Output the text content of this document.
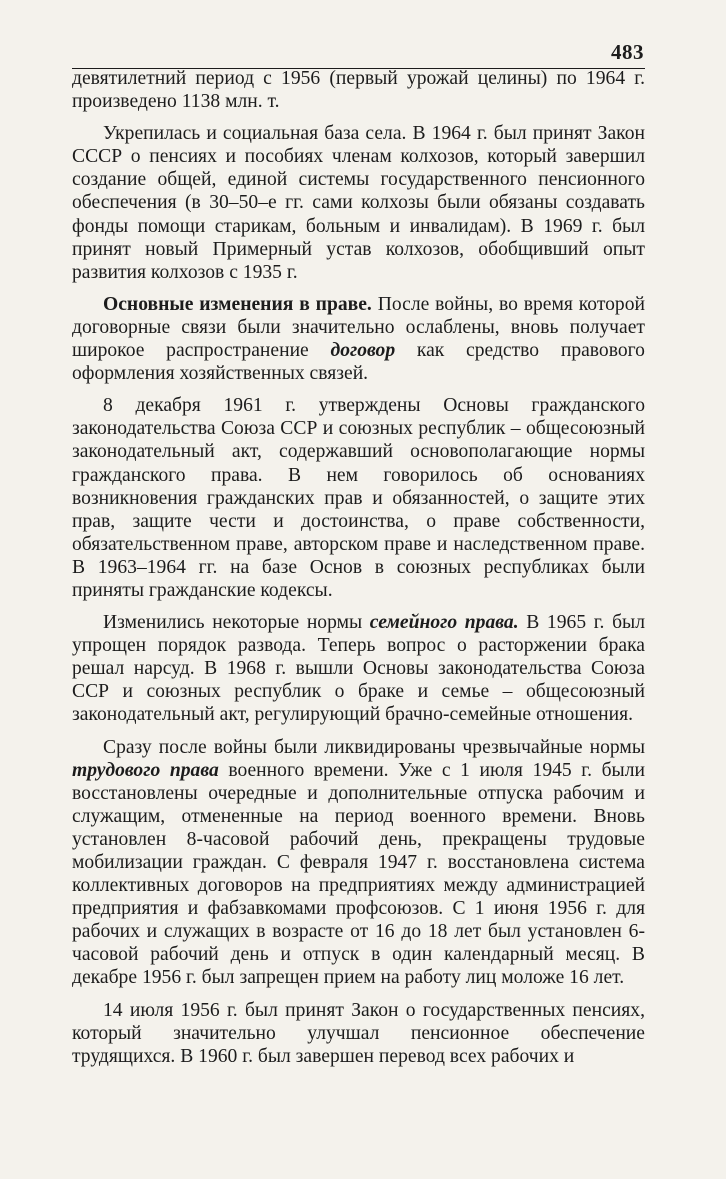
483

девятилетний период с 1956 (первый урожай целины) по 1964 г. произведено 1138 млн. т.

Укрепилась и социальная база села. В 1964 г. был принят Закон СССР о пенсиях и пособиях членам колхозов, который завершил создание общей, единой системы государственного пенсионного обеспечения (в 30–50–е гг. сами колхозы были обязаны создавать фонды помощи старикам, больным и инвалидам). В 1969 г. был принят новый Примерный устав колхозов, обобщивший опыт развития колхозов с 1935 г.

Основные изменения в праве. После войны, во время которой договорные связи были значительно ослаблены, вновь получает широкое распространение договор как средство правового оформления хозяйственных связей.

8 декабря 1961 г. утверждены Основы гражданского законодательства Союза ССР и союзных республик – общесоюзный законодательный акт, содержавший основополагающие нормы гражданского права. В нем говорилось об основаниях возникновения гражданских прав и обязанностей, о защите этих прав, защите чести и достоинства, о праве собственности, обязательственном праве, авторском праве и наследственном праве. В 1963–1964 гг. на базе Основ в союзных республиках были приняты гражданские кодексы.

Изменились некоторые нормы семейного права. В 1965 г. был упрощен порядок развода. Теперь вопрос о расторжении брака решал нарсуд. В 1968 г. вышли Основы законодательства Союза ССР и союзных республик о браке и семье – общесоюзный законодательный акт, регулирующий брачно-семейные отношения.

Сразу после войны были ликвидированы чрезвычайные нормы трудового права военного времени. Уже с 1 июля 1945 г. были восстановлены очередные и дополнительные отпуска рабочим и служащим, отмененные на период военного времени. Вновь установлен 8-часовой рабочий день, прекращены трудовые мобилизации граждан. С февраля 1947 г. восстановлена система коллективных договоров на предприятиях между администрацией предприятия и фабзавкомами профсоюзов. С 1 июня 1956 г. для рабочих и служащих в возрасте от 16 до 18 лет был установлен 6-часовой рабочий день и отпуск в один календарный месяц. В декабре 1956 г. был запрещен прием на работу лиц моложе 16 лет.

14 июля 1956 г. был принят Закон о государственных пенсиях, который значительно улучшал пенсионное обеспечение трудящихся. В 1960 г. был завершен перевод всех рабочих и
